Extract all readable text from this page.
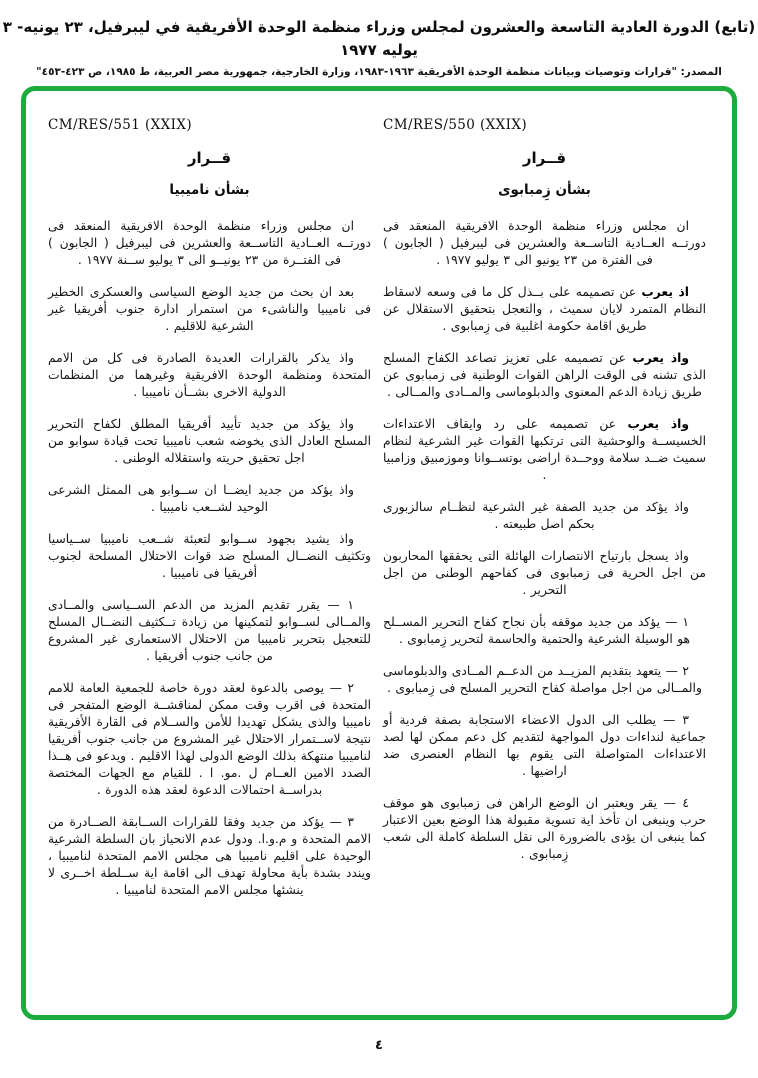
(تابع) الدورة العادية التاسعة والعشرون لمجلس وزراء منظمة الوحدة الأفريقية في ليبرفيل، ٢٣ يونيه- ٣ يوليه ١٩٧٧
المصدر: "قرارات وتوصيات وبيانات منظمة الوحدة الأفريقية ١٩٦٣-١٩٨٣، وزارة الخارجية، جمهورية مصر العربية، ط ١٩٨٥، ص ٤٢٣-٤٥٣"
CM/RES/550 (XXIX)
قــرار
بشأن زِمبابوى

ان مجلس وزراء منظمة الوحدة الافريقية المنعقد فى دورتــه العــادية التاســعة والعشرين فى ليبرفيل ( الجابون ) فى الفترة من ٢٣ يونيو الى ٣ يوليو ١٩٧٧ .

اذ يعرب عن تصميمه على بــذل كل ما فى وسعه لاسقاط النظام المتمرد لايان سميث ، والتعجل بتحقيق الاستقلال عن طريق اقامة حكومة اغلبية فى زِمبابوى .

واذ يعرب عن تصميمه على تعزيز تصاعد الكفاح المسلح الذى تشنه فى الوقت الراهن القوات الوطنية فى زمبابوى عن طريق زيادة الدعم المعنوى والدبلوماسى والمــادى والمــالى .

واذ يعرب عن تصميمه على رد وايقاف الاعتداءات الخسيســة والوحشية التى ترتكبها القوات غير الشرعية لنظام سميث ضــد سلامة ووحــدة اراضى بوتســوانا وموزمبيق وزامبيا .

واذ يؤكد من جديد الصفة غير الشرعية لنظــام سالزبورى بحكم اصل طبيعته .

واذ يسجل بارتياح الانتصارات الهائلة التى يحققها المحاربون من اجل الحرية فى زمبابوى فى كفاحهم الوطنى من اجل التحرير .

١ — يؤكد من جديد موقفه بأن نجاح كفاح التحرير المســلح هو الوسيلة الشرعية والحتمية والحاسمة لتحرير زِمبابوى .

٢ — يتعهد بتقديم المزيــد من الدعــم المــادى والدبلوماسى والمــالى من اجل مواصلة كفاح التحرير المسلح فى زِمبابوى .

٣ — يطلب الى الدول الاعضاء الاستجابة بصفة فردية أو جماعية لنداءات دول المواجهة لتقديم كل دعم ممكن لها لصد الاعتداءات المتواصلة التى يقوم بها النظام العنصرى ضد اراضيها .

٤ — يقر ويعتبر ان الوضع الراهن فى زمبابوى هو موقف حرب وينبغى ان تأخذ اية تسوية مقبولة هذا الوضع بعين الاعتبار كما ينبغى ان يؤدى بالضرورة الى نقل السلطة كاملة الى شعب زِمبابوى .

CM/RES/551 (XXIX)
قــرار
بشأن ناميبيا

ان مجلس وزراء منظمة الوحدة الافريقية المنعقد فى دورتــه العــادية التاســعة والعشرين فى ليبرفيل ( الجابون ) فى الفتــرة من ٢٣ يونيــو الى ٣ يوليو ســنة ١٩٧٧ .

بعد ان بحث من جديد الوضع السياسى والعسكرى الخطير فى ناميبيا والناشىء من استمرار ادارة جنوب أفريقيا غير الشرعية للاقليم .

واذ يذكر بالقرارات العديدة الصادرة فى كل من الامم المتحدة ومنظمة الوحدة الافريقية وغيرهما من المنظمات الدولية الاخرى بشــأن ناميبيا .

واذ يؤكد من جديد تأييد أفريقيا المطلق لكفاح التحرير المسلح العادل الذى يخوضه شعب ناميبيا تحت قيادة سوابو من اجل تحقيق حريته واستقلاله الوطنى .

واذ يؤكد من جديد ايضــا ان ســوابو هى الممثل الشرعى الوحيد لشــعب ناميبيا .

واذ يشيد بجهود ســوابو لتعبئة شــعب ناميبيا ســياسيا وتكثيف النضــال المسلح ضد قوات الاحتلال المسلحة لجنوب أفريقيا فى ناميبيا .

١ — يقرر تقديم المزيد من الدعم الســياسى والمــادى والمــالى لســوابو لتمكينها من زيادة تــكثيف النضــال المسلح للتعجيل بتحرير ناميبيا من الاحتلال الاستعمارى غير المشروع من جانب جنوب أفريقيا .

٢ — يوصى بالدعوة لعقد دورة خاصة للجمعية العامة للامم المتحدة فى اقرب وقت ممكن لمناقشــة الوضع المتفجر فى ناميبيا والذى يشكل تهديدا للأمن والســلام فى القارة الأفريقية نتيجة لاســتمرار الاحتلال غير المشروع من جانب جنوب أفريقيا لناميبيا منتهكة بذلك الوضع الدولى لهذا الاقليم . ويدعو فى هــذا الصدد الامين العــام ل .مو. ا . للقيام مع الجهات المختصة بدراســة احتمالات الدعوة لعقد هذه الدورة .

٣ — يؤكد من جديد وفقا للقرارات الســابقة الصــادرة من الامم المتحدة و م.و.ا. ودول عدم الانحياز بان السلطة الشرعية الوحيدة على اقليم ناميبيا هى مجلس الامم المتحدة لناميبيا ، ويندد بشدة بأية محاولة تهدف الى اقامة اية ســلطة اخــرى لا ينشئها مجلس الامم المتحدة لناميبيا .

٤
